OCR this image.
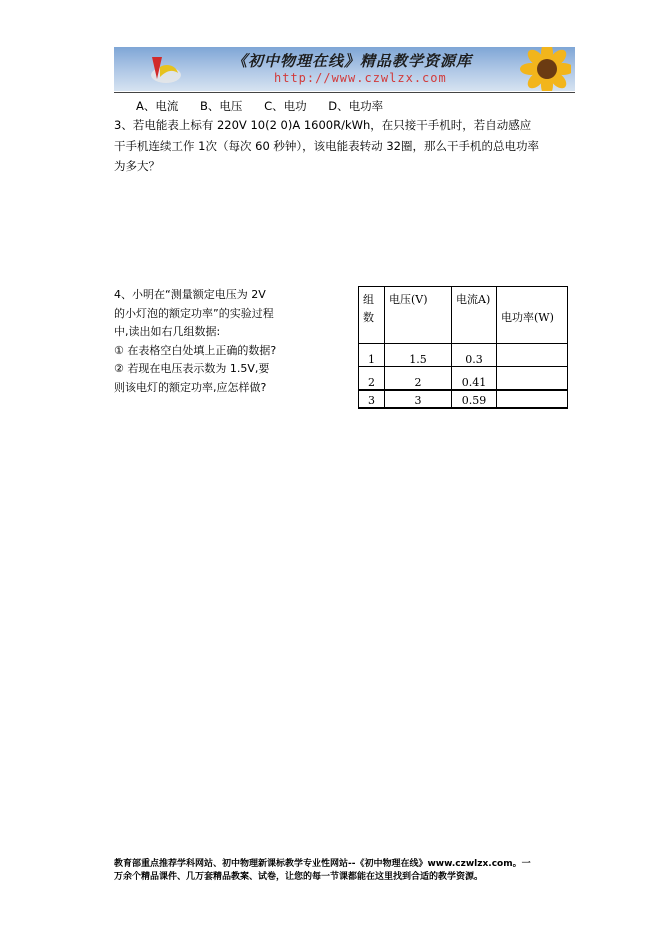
《初中物理在线》精品教学资源库
http://www.czwlzx.com
A、电流 B、电压 C、电功 D、电功率
3、若电能表上标有 220V 10(2 0)A 1600R/kWh，在只接干手机时，若自动感应
干手机连续工作 1次（每次 60 秒钟），该电能表转动 32圈，那么干手机的总电功率
为多大？
4、小明在“测量额定电压为 2V
的小灯泡的额定功率”的实验过程
中,读出如右几组数据:
① 在表格空白处填上正确的数据?
② 若现在电压表示数为 1.5V,要
则该电灯的额定功率,应怎样做?
组数	电压(V)	电流A)	电功率(W)
1	1.5	0.3	
2	2	0.41	
3	3	0.59	
教育部重点推荐学科网站、初中物理新课标教学专业性网站--《初中物理在线》www.czwlzx.com。一
万余个精品课件、几万套精品教案、试卷，让您的每一节课都能在这里找到合适的教学资源。
